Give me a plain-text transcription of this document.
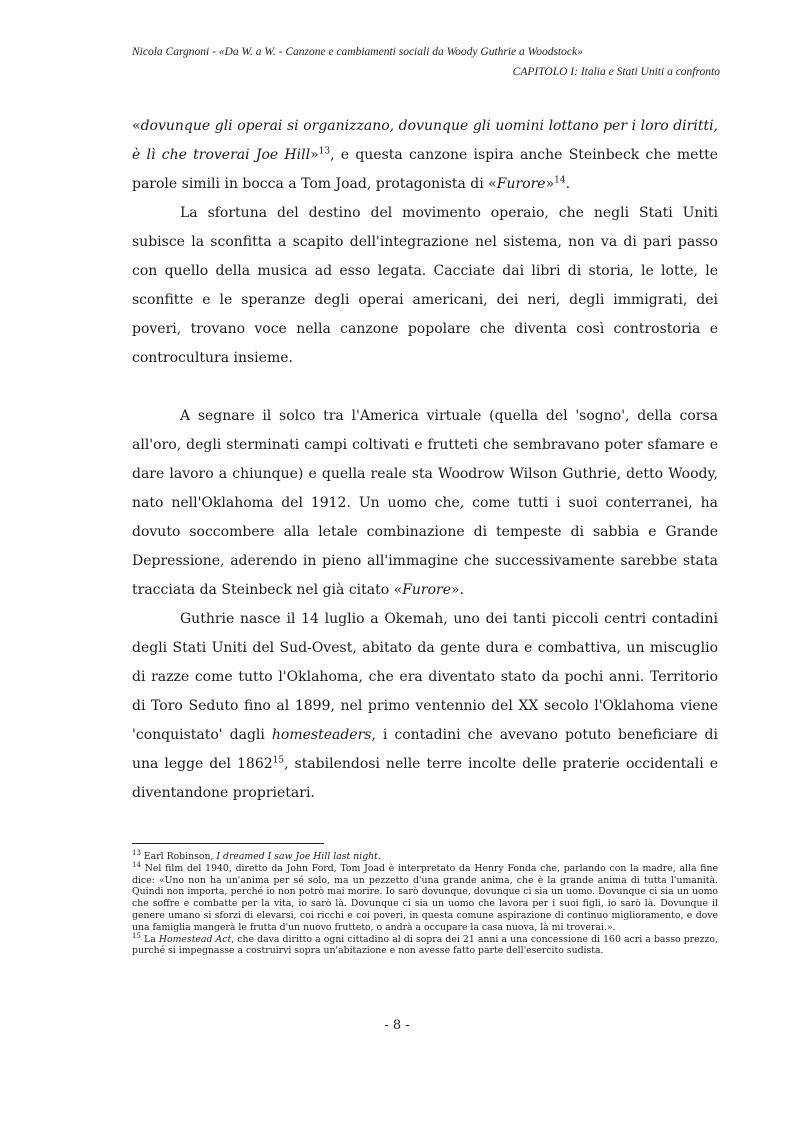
Nicola Cargnoni - «Da W. a W. - Canzone e cambiamenti sociali da Woody Guthrie a Woodstock»
CAPITOLO I: Italia e Stati Uniti a confronto

«dovunque gli operai si organizzano, dovunque gli uomini lottano per i loro diritti, è lì che troverai Joe Hill»$^{13}$, e questa canzone ispira anche Steinbeck che mette parole simili in bocca a Tom Joad, protagonista di «Furore»$^{14}$.

La sfortuna del destino del movimento operaio, che negli Stati Uniti subisce la sconfitta a scapito dell'integrazione nel sistema, non va di pari passo con quello della musica ad esso legata. Cacciate dai libri di storia, le lotte, le sconfitte e le speranze degli operai americani, dei neri, degli immigrati, dei poveri, trovano voce nella canzone popolare che diventa così controstoria e controcultura insieme.

A segnare il solco tra l'America virtuale (quella del 'sogno', della corsa all'oro, degli sterminati campi coltivati e frutteti che sembravano poter sfamare e dare lavoro a chiunque) e quella reale sta Woodrow Wilson Guthrie, detto Woody, nato nell'Oklahoma del 1912. Un uomo che, come tutti i suoi conterranei, ha dovuto soccombere alla letale combinazione di tempeste di sabbia e Grande Depressione, aderendo in pieno all'immagine che successivamente sarebbe stata tracciata da Steinbeck nel già citato «Furore».

Guthrie nasce il 14 luglio a Okemah, uno dei tanti piccoli centri contadini degli Stati Uniti del Sud-Ovest, abitato da gente dura e combattiva, un miscuglio di razze come tutto l'Oklahoma, che era diventato stato da pochi anni. Territorio di Toro Seduto fino al 1899, nel primo ventennio del XX secolo l'Oklahoma viene 'conquistato' dagli homesteaders, i contadini che avevano potuto beneficiare di una legge del 1862$^{15}$, stabilendosi nelle terre incolte delle praterie occidentali e diventandone proprietari.

$^{13}$ Earl Robinson, I dreamed I saw Joe Hill last night.

$^{14}$ Nel film del 1940, diretto da John Ford, Tom Joad è interpretato da Henry Fonda che, parlando con la madre, alla fine dice: «Uno non ha un'anima per sé solo, ma un pezzetto d'una grande anima, che è la grande anima di tutta l'umanità. Quindi non importa, perché io non potrò mai morire. Io sarò dovunque, dovunque ci sia un uomo. Dovunque ci sia un uomo che soffre e combatte per la vita, io sarò là. Dovunque ci sia un uomo che lavora per i suoi figli, io sarò là. Dovunque il genere umano si sforzi di elevarsi, coi ricchi e coi poveri, in questa comune aspirazione di continuo miglioramento, e dove una famiglia mangerà le frutta d'un nuovo frutteto, o andrà a occupare la casa nuova, là mi troverai.».

$^{15}$ La Homestead Act, che dava diritto a ogni cittadino al di sopra dei 21 anni a una concessione di 160 acri a basso prezzo, purché si impegnasse a costruirvi sopra un'abitazione e non avesse fatto parte dell'esercito sudista.

- 8 -
